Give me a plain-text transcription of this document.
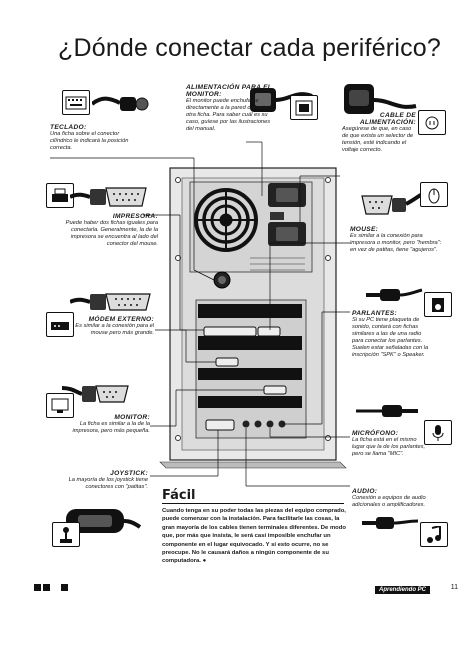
¿Dónde conectar cada periférico?
ALIMENTACIÓN PARA EL MONITOR:
El monitor puede enchufarse directamente a la pared o a esta otra ficha. Para saber cuál es su caso, guíese por las ilustraciones del manual.
CABLE DE ALIMENTACIÓN:
Asegúrese de que, en caso de que exista un selector de tensión, esté indicando el voltaje correcto.
TECLADO:
Una ficha sobre el conector cilíndrico le indicará la posición correcta.
IMPRESORA:
Puede haber dos fichas iguales para conectarla. Generalmente, la de la impresora se encuentra al lado del conector del mouse.
MOUSE:
Es similar a la conexión para impresora o monitor, pero "hembra": en vez de patitas, tiene "agujeros".
MÓDEM EXTERNO:
Es similar a la conexión para el mouse pero más grande.
PARLANTES:
Si su PC tiene plaqueta de sonido, contará con fichas similares a las de una radio para conectar los parlantes. Suelen estar señaladas con la inscripción "SPK" o Speaker.
MONITOR:
La ficha es similar a la de la impresora, pero más pequeña.	MICRÓFONO:
La ficha está en el mismo lugar que la de los parlantes, pero se llama "MIC".
JOYSTICK:
La mayoría de los joystick tiene conectores con "patitas".
AUDIO:
Conexión a equipos de audio adicionales o amplificadores.
Fácil
Cuando tenga en su poder todas las piezas del equipo comprado, puede comenzar con la instalación. Para facilitarle las cosas, la gran mayoría de los cables tienen terminales diferentes. De modo que, por más que insista, le será casi imposible enchufar un componente en el lugar equivocado. Y si esto ocurre, no se preocupe. No le causará daños a ningún componente de su computadora. ●
Aprendiendo PC	11
